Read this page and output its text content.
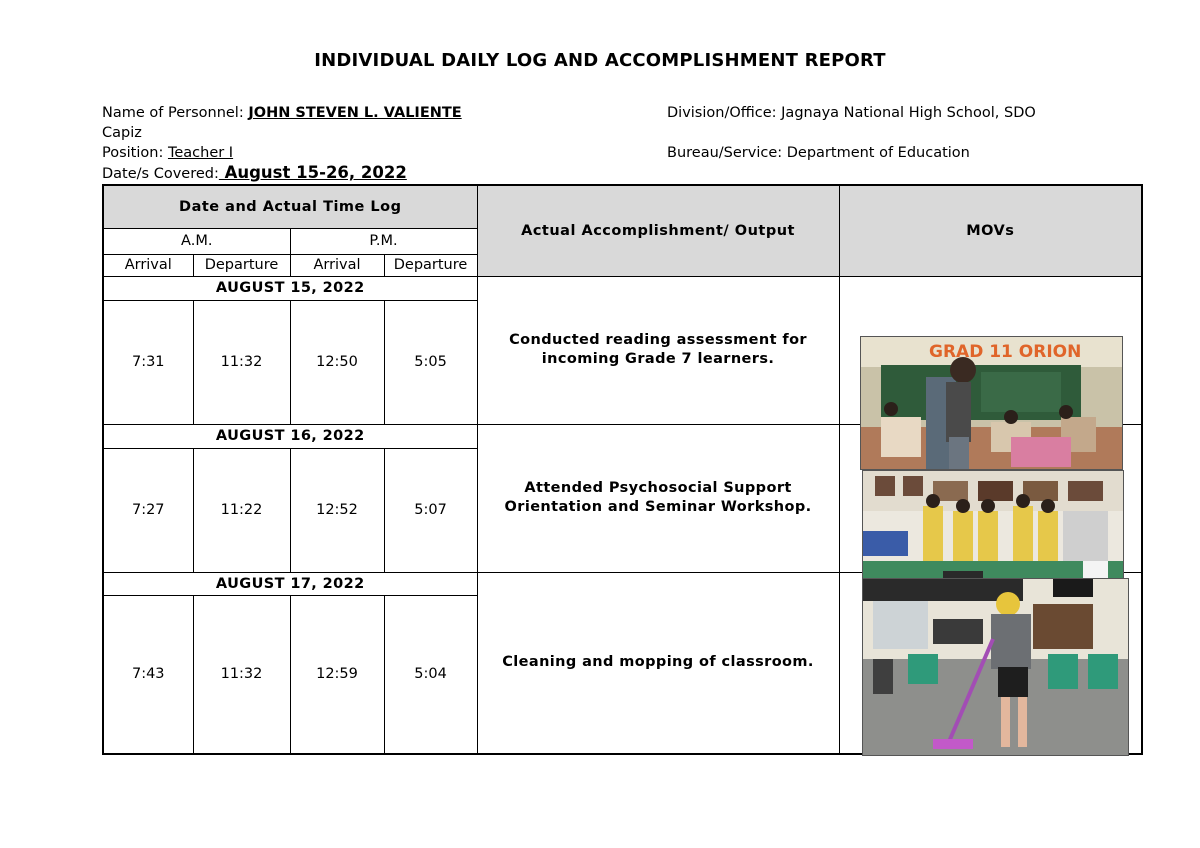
INDIVIDUAL DAILY LOG AND ACCOMPLISHMENT REPORT
Name of Personnel: JOHN STEVEN L. VALIENTE	Division/Office: Jagnaya National High School, SDO
Capiz
Position: Teacher I	Bureau/Service: Department of Education
Date/s Covered: August 15-26, 2022
Date and Actual Time Log				Actual Accomplishment/ Output	MOVs
A.M.		P.M.			
Arrival	Departure	Arrival	Departure		
AUGUST 15, 2022				Conducted reading assessment for incoming Grade 7 learners.	
7:31	11:32	12:50	5:05		
AUGUST 16, 2022				Attended Psychosocial Support Orientation and Seminar Workshop.	
7:27	11:22	12:52	5:07		
AUGUST 17, 2022				Cleaning and mopping of classroom.	
7:43	11:32	12:59	5:04		
GRAD 11 ORION
